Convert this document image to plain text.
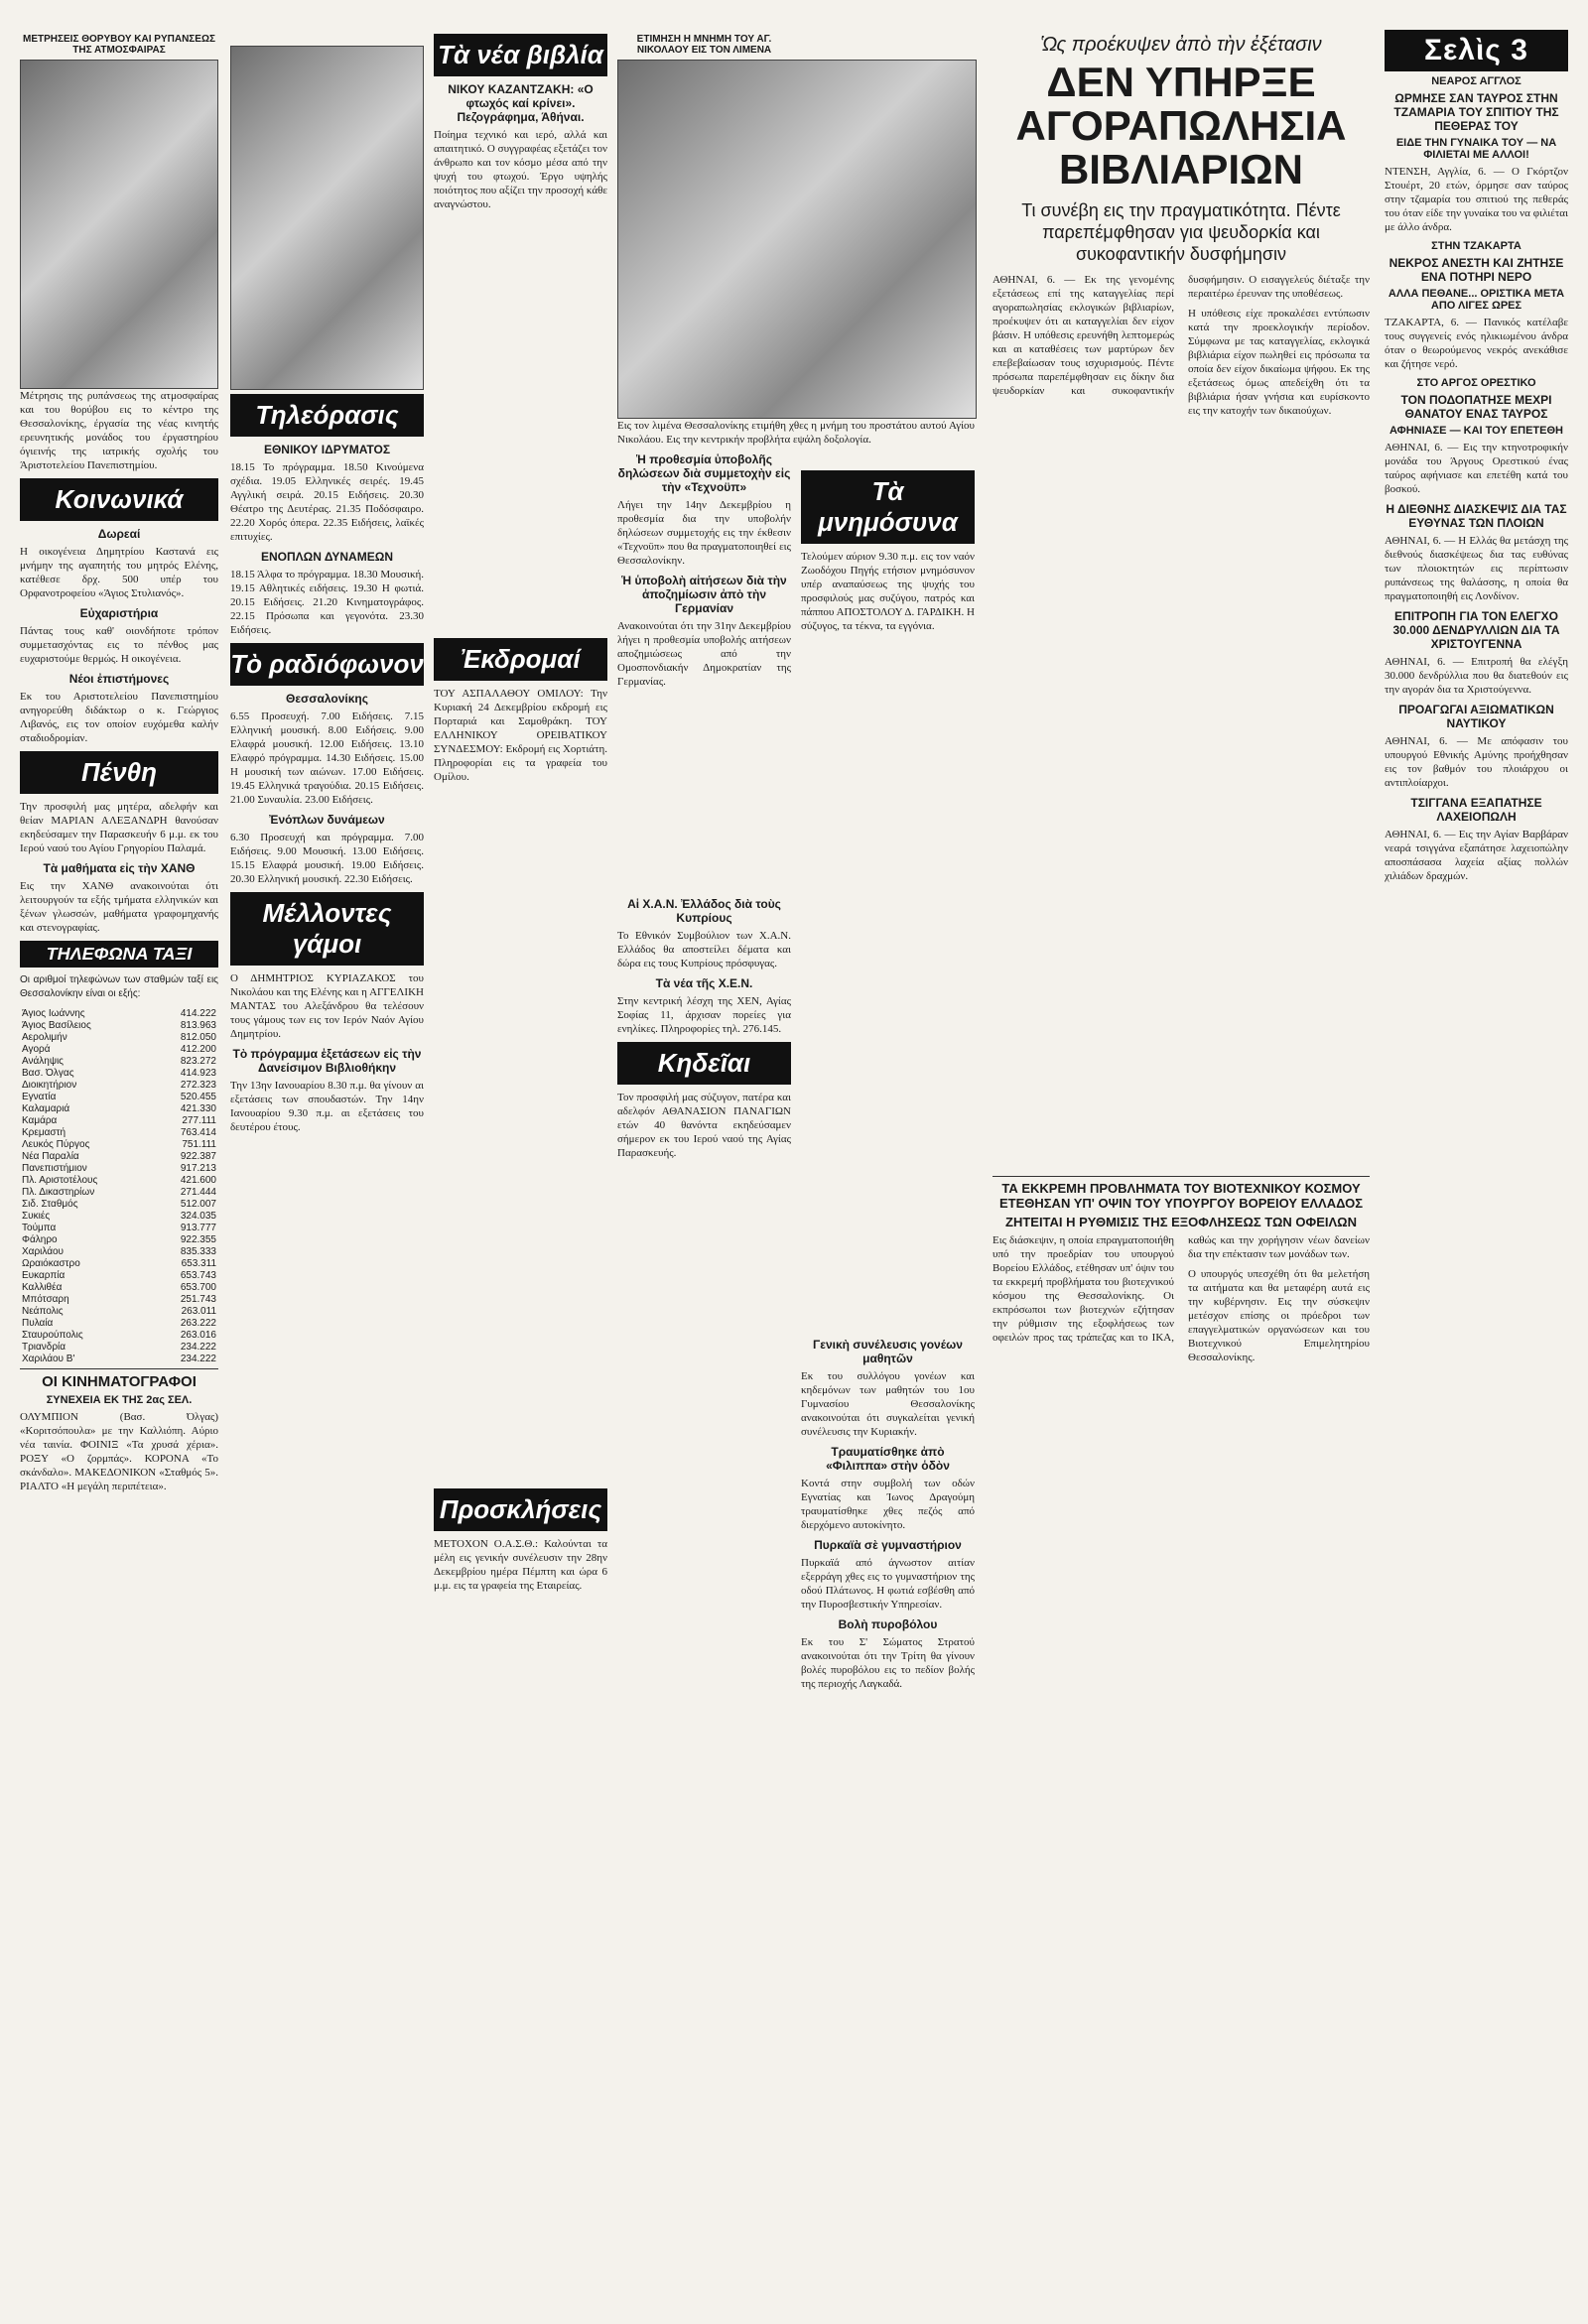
ΜΕΤΡΗΣΕΙΣ ΘΟΡΥΒΟΥ ΚΑΙ ΡΥΠΑΝΣΕΩΣ ΤΗΣ ΑΤΜΟΣΦΑΙΡΑΣ

Μέτρησις της ρυπάνσεως της ατμοσφαίρας και του θορύβου εις το κέντρο της Θεσσαλονίκης, έργασία της νέας κινητής ερευνητικής μονάδος του έργαστηρίου όγιεινής της ιατρικής σχολής του Άριστοτελείου Πανεπιστημίου.

Κοινωνικά
Δωρεαί

Η οικογένεια Δημητρίου Καστανά εις μνήμην της αγαπητής του μητρός Ελένης, κατέθεσε δρχ. 500 υπέρ του Ορφανοτροφείου «Άγιος Στυλιανός».

Εὐχαριστήρια

Πάντας τους καθ' οιονδήποτε τρόπον συμμετασχόντας εις το πένθος μας ευχαριστούμε θερμώς. Η οικογένεια.

Νέοι ἐπιστήμονες

Εκ του Αριστοτελείου Πανεπιστημίου ανηγορεύθη διδάκτωρ ο κ. Γεώργιος Λιβανός, εις τον οποίον ευχόμεθα καλήν σταδιοδρομίαν.

Πένθη

Την προσφιλή μας μητέρα, αδελφήν και θείαν ΜΑΡΙΑΝ ΑΛΕΞΑΝΔΡΗ θανούσαν εκηδεύσαμεν την Παρασκευήν 6 μ.μ. εκ του Ιερού ναού του Αγίου Γρηγορίου Παλαμά.

Τὰ μαθήματα εἰς τὴν ΧΑΝΘ

Εις την ΧΑΝΘ ανακοινούται ότι λειτουργούν τα εξής τμήματα ελληνικών και ξένων γλωσσών, μαθήματα γραφομηχανής και στενογραφίας.

ΤΗΛΕΦΩΝΑ ΤΑΞΙ

Οι αριθμοί τηλεφώνων των σταθμών ταξί εις Θεσσαλονίκην είναι οι εξής:

Άγιος Ιωάννης	414.222
Άγιος Βασίλειος	813.963
Αερολιμήν	812.050
Αγορά	412.200
Ανάληψις	823.272
Βασ. Όλγας	414.923
Διοικητήριον	272.323
Εγνατία	520.455
Καλαμαριά	421.330
Καμάρα	277.111
Κρεμαστή	763.414
Λευκός Πύργος	751.111
Νέα Παραλία	922.387
Πανεπιστήμιον	917.213
Πλ. Αριστοτέλους	421.600
Πλ. Δικαστηρίων	271.444
Σιδ. Σταθμός	512.007
Συκιές	324.035
Τούμπα	913.777
Φάληρο	922.355
Χαριλάου	835.333
Ωραιόκαστρο	653.311
Ευκαρπία	653.743
Καλλιθέα	653.700
Μπότσαρη	251.743
Νεάπολις	263.011
Πυλαία	263.222
Σταυρούπολις	263.016
Τριανδρία	234.222
Χαριλάου Β'	234.222
ΟΙ ΚΙΝΗΜΑΤΟΓΡΑΦΟΙ
ΣΥΝΕΧΕΙΑ ΕΚ ΤΗΣ 2ας ΣΕΛ.

ΟΛΥΜΠΙΟΝ (Βασ. Όλγας) «Κοριτσόπουλα» με την Καλλιόπη. Αύριο νέα ταινία. ΦΟΙΝΙΞ «Τα χρυσά χέρια». ΡΟΞΥ «Ο ζορμπάς». ΚΟΡΟΝΑ «Το σκάνδαλο». ΜΑΚΕΔΟΝΙΚΟΝ «Σταθμός 5». ΡΙΑΛΤΟ «Η μεγάλη περιπέτεια».

Τηλεόρασις
ΕΘΝΙΚΟΥ ΙΔΡΥΜΑΤΟΣ

18.15 Το πρόγραμμα. 18.50 Κινούμενα σχέδια. 19.05 Ελληνικές σειρές. 19.45 Αγγλική σειρά. 20.15 Ειδήσεις. 20.30 Θέατρο της Δευτέρας. 21.35 Ποδόσφαιρο. 22.20 Χορός όπερα. 22.35 Ειδήσεις, λαϊκές επιτυχίες.

ΕΝΟΠΛΩΝ ΔΥΝΑΜΕΩΝ

18.15 Άλφα το πρόγραμμα. 18.30 Μουσική. 19.15 Αθλητικές ειδήσεις. 19.30 Η φωτιά. 20.15 Ειδήσεις. 21.20 Κινηματογράφος. 22.15 Πρόσωπα και γεγονότα. 23.30 Ειδήσεις.

Τὸ ραδιόφωνον
Θεσσαλονίκης

6.55 Προσευχή. 7.00 Ειδήσεις. 7.15 Ελληνική μουσική. 8.00 Ειδήσεις. 9.00 Ελαφρά μουσική. 12.00 Ειδήσεις. 13.10 Ελαφρό πρόγραμμα. 14.30 Ειδήσεις. 15.00 Η μουσική των αιώνων. 17.00 Ειδήσεις. 19.45 Ελληνικά τραγούδια. 20.15 Ειδήσεις. 21.00 Συναυλία. 23.00 Ειδήσεις.

Ἐνόπλων δυνάμεων

6.30 Προσευχή και πρόγραμμα. 7.00 Ειδήσεις. 9.00 Μουσική. 13.00 Ειδήσεις. 15.15 Ελαφρά μουσική. 19.00 Ειδήσεις. 20.30 Ελληνική μουσική. 22.30 Ειδήσεις.

Μέλλοντες γάμοι

Ο ΔΗΜΗΤΡΙΟΣ ΚΥΡΙΑΖΑΚΟΣ του Νικολάου και της Ελένης και η ΑΓΓΕΛΙΚΗ ΜΑΝΤΑΣ του Αλεξάνδρου θα τελέσουν τους γάμους των εις τον Ιερόν Ναόν Αγίου Δημητρίου.

Τὸ πρόγραμμα ἐξετάσεων εἰς τὴν Δανείσιμον Βιβλιοθήκην

Την 13ην Ιανουαρίου 8.30 π.μ. θα γίνουν αι εξετάσεις των σπουδαστών. Την 14ην Ιανουαρίου 9.30 π.μ. αι εξετάσεις του δευτέρου έτους.

Τὰ νέα βιβλία
ΝΙΚΟΥ ΚΑΖΑΝΤΖΑΚΗ: «Ο φτωχός καί κρίνει». Πεζογράφημα, Άθήναι.

Ποίημα τεχνικό και ιερό, αλλά και απαιτητικό. Ο συγγραφέας εξετάζει τον άνθρωπο και τον κόσμο μέσα από την ψυχή του φτωχού. Έργο υψηλής ποιότητος που αξίζει την προσοχή κάθε αναγνώστου.

Ἐκδρομαί

ΤΟΥ ΑΣΠΑΛΑΘΟΥ ΟΜΙΛΟΥ: Την Κυριακή 24 Δεκεμβρίου εκδρομή εις Πορταριά και Σαμοθράκη. ΤΟΥ ΕΛΛΗΝΙΚΟΥ ΟΡΕΙΒΑΤΙΚΟΥ ΣΥΝΔΕΣΜΟΥ: Εκδρομή εις Χορτιάτη. Πληροφορίαι εις τα γραφεία του Ομίλου.

Προσκλήσεις

ΜΕΤΟΧΟΝ Ο.Α.Σ.Θ.: Καλούνται τα μέλη εις γενικήν συνέλευσιν την 28ην Δεκεμβρίου ημέρα Πέμπτη και ώρα 6 μ.μ. εις τα γραφεία της Εταιρείας.

ΕΤΙΜΗΣΗ Η ΜΝΗΜΗ ΤΟΥ ΑΓ. ΝΙΚΟΛΑΟΥ ΕΙΣ ΤΟΝ ΛΙΜΕΝΑ

Εις τον λιμένα Θεσσαλονίκης ετιμήθη χθες η μνήμη του προστάτου αυτού Αγίου Νικολάου. Εις την κεντρικήν προβλήτα εψάλη δοξολογία.

Ἡ προθεσμία ὑποβολῆς δηλώσεων διὰ συμμετοχὴν εἰς τὴν «Τεχνοϋπ»

Λήγει την 14ην Δεκεμβρίου η προθεσμία δια την υποβολήν δηλώσεων συμμετοχής εις την έκθεσιν «Τεχνοϋπ» που θα πραγματοποιηθεί εις Θεσσαλονίκην.

Ἡ ὑποβολὴ αἰτήσεων διὰ τὴν ἀποζημίωσιν ἀπὸ τὴν Γερμανίαν

Ανακοινούται ότι την 31ην Δεκεμβρίου λήγει η προθεσμία υποβολής αιτήσεων αποζημιώσεως από την Ομοσπονδιακήν Δημοκρατίαν της Γερμανίας.

Αἱ Χ.Α.Ν. Ἐλλάδος διὰ τοὺς Κυπρίους

Το Εθνικόν Συμβούλιον των Χ.Α.Ν. Ελλάδος θα αποστείλει δέματα και δώρα εις τους Κυπρίους πρόσφυγας.

Τὰ νέα τῆς Χ.Ε.Ν.

Στην κεντρική λέσχη της ΧΕΝ, Αγίας Σοφίας 11, άρχισαν πορείες για ενηλίκες. Πληροφορίες τηλ. 276.145.

Κηδεῖαι

Τον προσφιλή μας σύζυγον, πατέρα και αδελφόν ΑΘΑΝΑΣΙΟΝ ΠΑΝΑΓΙΩΝ ετών 40 θανόντα εκηδεύσαμεν σήμερον εκ του Ιερού ναού της Αγίας Παρασκευής.

Τὰ μνημόσυνα

Τελούμεν αύριον 9.30 π.μ. εις τον ναόν Ζωοδόχου Πηγής ετήσιον μνημόσυνον υπέρ αναπαύσεως της ψυχής του προσφιλούς μας συζύγου, πατρός και πάππου ΑΠΟΣΤΟΛΟΥ Δ. ΓΑΡΔΙΚΗ. Η σύζυγος, τα τέκνα, τα εγγόνια.

Γενικὴ συνέλευσις γονέων μαθητῶν

Εκ του συλλόγου γονέων και κηδεμόνων των μαθητών του 1ου Γυμνασίου Θεσσαλονίκης ανακοινούται ότι συγκαλείται γενική συνέλευσις την Κυριακήν.

Τραυματίσθηκε ἀπὸ «Φιλιππα» στὴν ὁδὸν

Κοντά στην συμβολή των οδών Εγνατίας και Ίωνος Δραγούμη τραυματίσθηκε χθες πεζός από διερχόμενο αυτοκίνητο.

Πυρκαϊὰ σὲ γυμναστήριον

Πυρκαϊά από άγνωστον αιτίαν εξερράγη χθες εις το γυμναστήριον της οδού Πλάτωνος. Η φωτιά εσβέσθη από την Πυροσβεστικήν Υπηρεσίαν.

Βολὴ πυροβόλου

Εκ του Σ' Σώματος Στρατού ανακοινούται ότι την Τρίτη θα γίνουν βολές πυροβόλου εις το πεδίον βολής της περιοχής Λαγκαδά.

Ὡς προέκυψεν ἀπὸ τὴν ἐξέτασιν
ΔΕΝ ΥΠΗΡΞΕ
ΑΓΟΡΑΠΩΛΗΣΙΑ
ΒΙΒΛΙΑΡΙΩΝ
Τι συνέβη εις την πραγματικότητα. Πέντε παρεπέμφθησαν για ψευδορκία και συκοφαντικήν δυσφήμησιν

ΑΘΗΝΑΙ, 6. — Εκ της γενομένης εξετάσεως επί της καταγγελίας περί αγοραπωλησίας εκλογικών βιβλιαρίων, προέκυψεν ότι αι καταγγελίαι δεν είχον βάσιν. Η υπόθεσις ερευνήθη λεπτομερώς και αι καταθέσεις των μαρτύρων δεν επεβεβαίωσαν τους ισχυρισμούς. Πέντε πρόσωπα παρεπέμφθησαν εις δίκην δια ψευδορκίαν και συκοφαντικήν δυσφήμησιν. Ο εισαγγελεύς διέταξε την περαιτέρω έρευναν της υποθέσεως.

Η υπόθεσις είχε προκαλέσει εντύπωσιν κατά την προεκλογικήν περίοδον. Σύμφωνα με τας καταγγελίας, εκλογικά βιβλιάρια είχον πωληθεί εις πρόσωπα τα οποία δεν είχον δικαίωμα ψήφου. Εκ της εξετάσεως όμως απεδείχθη ότι τα βιβλιάρια ήσαν γνήσια και ευρίσκοντο εις την κατοχήν των δικαιούχων.

ΤΑ ΕΚΚΡΕΜΗ ΠΡΟΒΛΗΜΑΤΑ ΤΟΥ ΒΙΟΤΕΧΝΙΚΟΥ ΚΟΣΜΟΥ ΕΤΕΘΗΣΑΝ ΥΠ' ΟΨΙΝ ΤΟΥ ΥΠΟΥΡΓΟΥ ΒΟΡΕΙΟΥ ΕΛΛΑΔΟΣ
ΖΗΤΕΙΤΑΙ Η ΡΥΘΜΙΣΙΣ ΤΗΣ ΕΞΟΦΛΗΣΕΩΣ ΤΩΝ ΟΦΕΙΛΩΝ

Εις διάσκεψιν, η οποία επραγματοποιήθη υπό την προεδρίαν του υπουργού Βορείου Ελλάδος, ετέθησαν υπ' όψιν του τα εκκρεμή προβλήματα του βιοτεχνικού κόσμου της Θεσσαλονίκης. Οι εκπρόσωποι των βιοτεχνών εζήτησαν την ρύθμισιν της εξοφλήσεως των οφειλών προς τας τράπεζας και το ΙΚΑ, καθώς και την χορήγησιν νέων δανείων δια την επέκτασιν των μονάδων των.

Ο υπουργός υπεσχέθη ότι θα μελετήση τα αιτήματα και θα μεταφέρη αυτά εις την κυβέρνησιν. Εις την σύσκεψιν μετέσχον επίσης οι πρόεδροι των επαγγελματικών οργανώσεων και του Βιοτεχνικού Επιμελητηρίου Θεσσαλονίκης.

Σελὶς 3
ΝΕΑΡΟΣ ΑΓΓΛΟΣ
ΩΡΜΗΣΕ ΣΑΝ ΤΑΥΡΟΣ ΣΤΗΝ ΤΖΑΜΑΡΙΑ ΤΟΥ ΣΠΙΤΙΟΥ ΤΗΣ ΠΕΘΕΡΑΣ ΤΟΥ
ΕΙΔΕ ΤΗΝ ΓΥΝΑΙΚΑ ΤΟΥ — ΝΑ ΦΙΛΙΕΤΑΙ ΜΕ ΑΛΛΟΙ!

ΝΤΕΝΣΗ, Αγγλία, 6. — Ο Γκόρτζον Στουέρτ, 20 ετών, όρμησε σαν ταύρος στην τζαμαρία του σπιτιού της πεθεράς του όταν είδε την γυναίκα του να φιλιέται με άλλο άνδρα.

ΣΤΗΝ ΤΖΑΚΑΡΤΑ
ΝΕΚΡΟΣ ΑΝΕΣΤΗ ΚΑΙ ΖΗΤΗΣΕ ΕΝΑ ΠΟΤΗΡΙ ΝΕΡΟ
ΑΛΛΑ ΠΕΘΑΝΕ... ΟΡΙΣΤΙΚΑ ΜΕΤΑ ΑΠΟ ΛΙΓΕΣ ΩΡΕΣ

ΤΖΑΚΑΡΤΑ, 6. — Πανικός κατέλαβε τους συγγενείς ενός ηλικιωμένου άνδρα όταν ο θεωρούμενος νεκρός ανεκάθισε και ζήτησε νερό.

ΣΤΟ ΑΡΓΟΣ ΟΡΕΣΤΙΚΟ
ΤΟΝ ΠΟΔΟΠΑΤΗΣΕ ΜΕΧΡΙ ΘΑΝΑΤΟΥ ΕΝΑΣ ΤΑΥΡΟΣ
ΑΦΗΝΙΑΣΕ — ΚΑΙ ΤΟΥ ΕΠΕΤΕΘΗ

ΑΘΗΝΑΙ, 6. — Εις την κτηνοτροφικήν μονάδα του Άργους Ορεστικού ένας ταύρος αφήνιασε και επετέθη κατά του βοσκού.

Η ΔΙΕΘΝΗΣ ΔΙΑΣΚΕΨΙΣ ΔΙΑ ΤΑΣ ΕΥΘΥΝΑΣ ΤΩΝ ΠΛΟΙΩΝ

ΑΘΗΝΑΙ, 6. — Η Ελλάς θα μετάσχη της διεθνούς διασκέψεως δια τας ευθύνας των πλοιοκτητών εις περίπτωσιν ρυπάνσεως της θαλάσσης, η οποία θα πραγματοποιηθή εις Λονδίνον.

ΕΠΙΤΡΟΠΗ ΓΙΑ ΤΟΝ ΕΛΕΓΧΟ 30.000 ΔΕΝΔΡΥΛΛΙΩΝ ΔΙΑ ΤΑ ΧΡΙΣΤΟΥΓΕΝΝΑ

ΑΘΗΝΑΙ, 6. — Επιτροπή θα ελέγξη 30.000 δενδρύλλια που θα διατεθούν εις την αγοράν δια τα Χριστούγεννα.

ΠΡΟΑΓΩΓΑΙ ΑΞΙΩΜΑΤΙΚΩΝ ΝΑΥΤΙΚΟΥ

ΑΘΗΝΑΙ, 6. — Με απόφασιν του υπουργού Εθνικής Αμύνης προήχθησαν εις τον βαθμόν του πλοιάρχου οι αντιπλοίαρχοι.

ΤΣΙΓΓΑΝΑ ΕΞΑΠΑΤΗΣΕ ΛΑΧΕΙΟΠΩΛΗ

ΑΘΗΝΑΙ, 6. — Εις την Αγίαν Βαρβάραν νεαρά τσιγγάνα εξαπάτησε λαχειοπώλην αποσπάσασα λαχεία αξίας πολλών χιλιάδων δραχμών.
